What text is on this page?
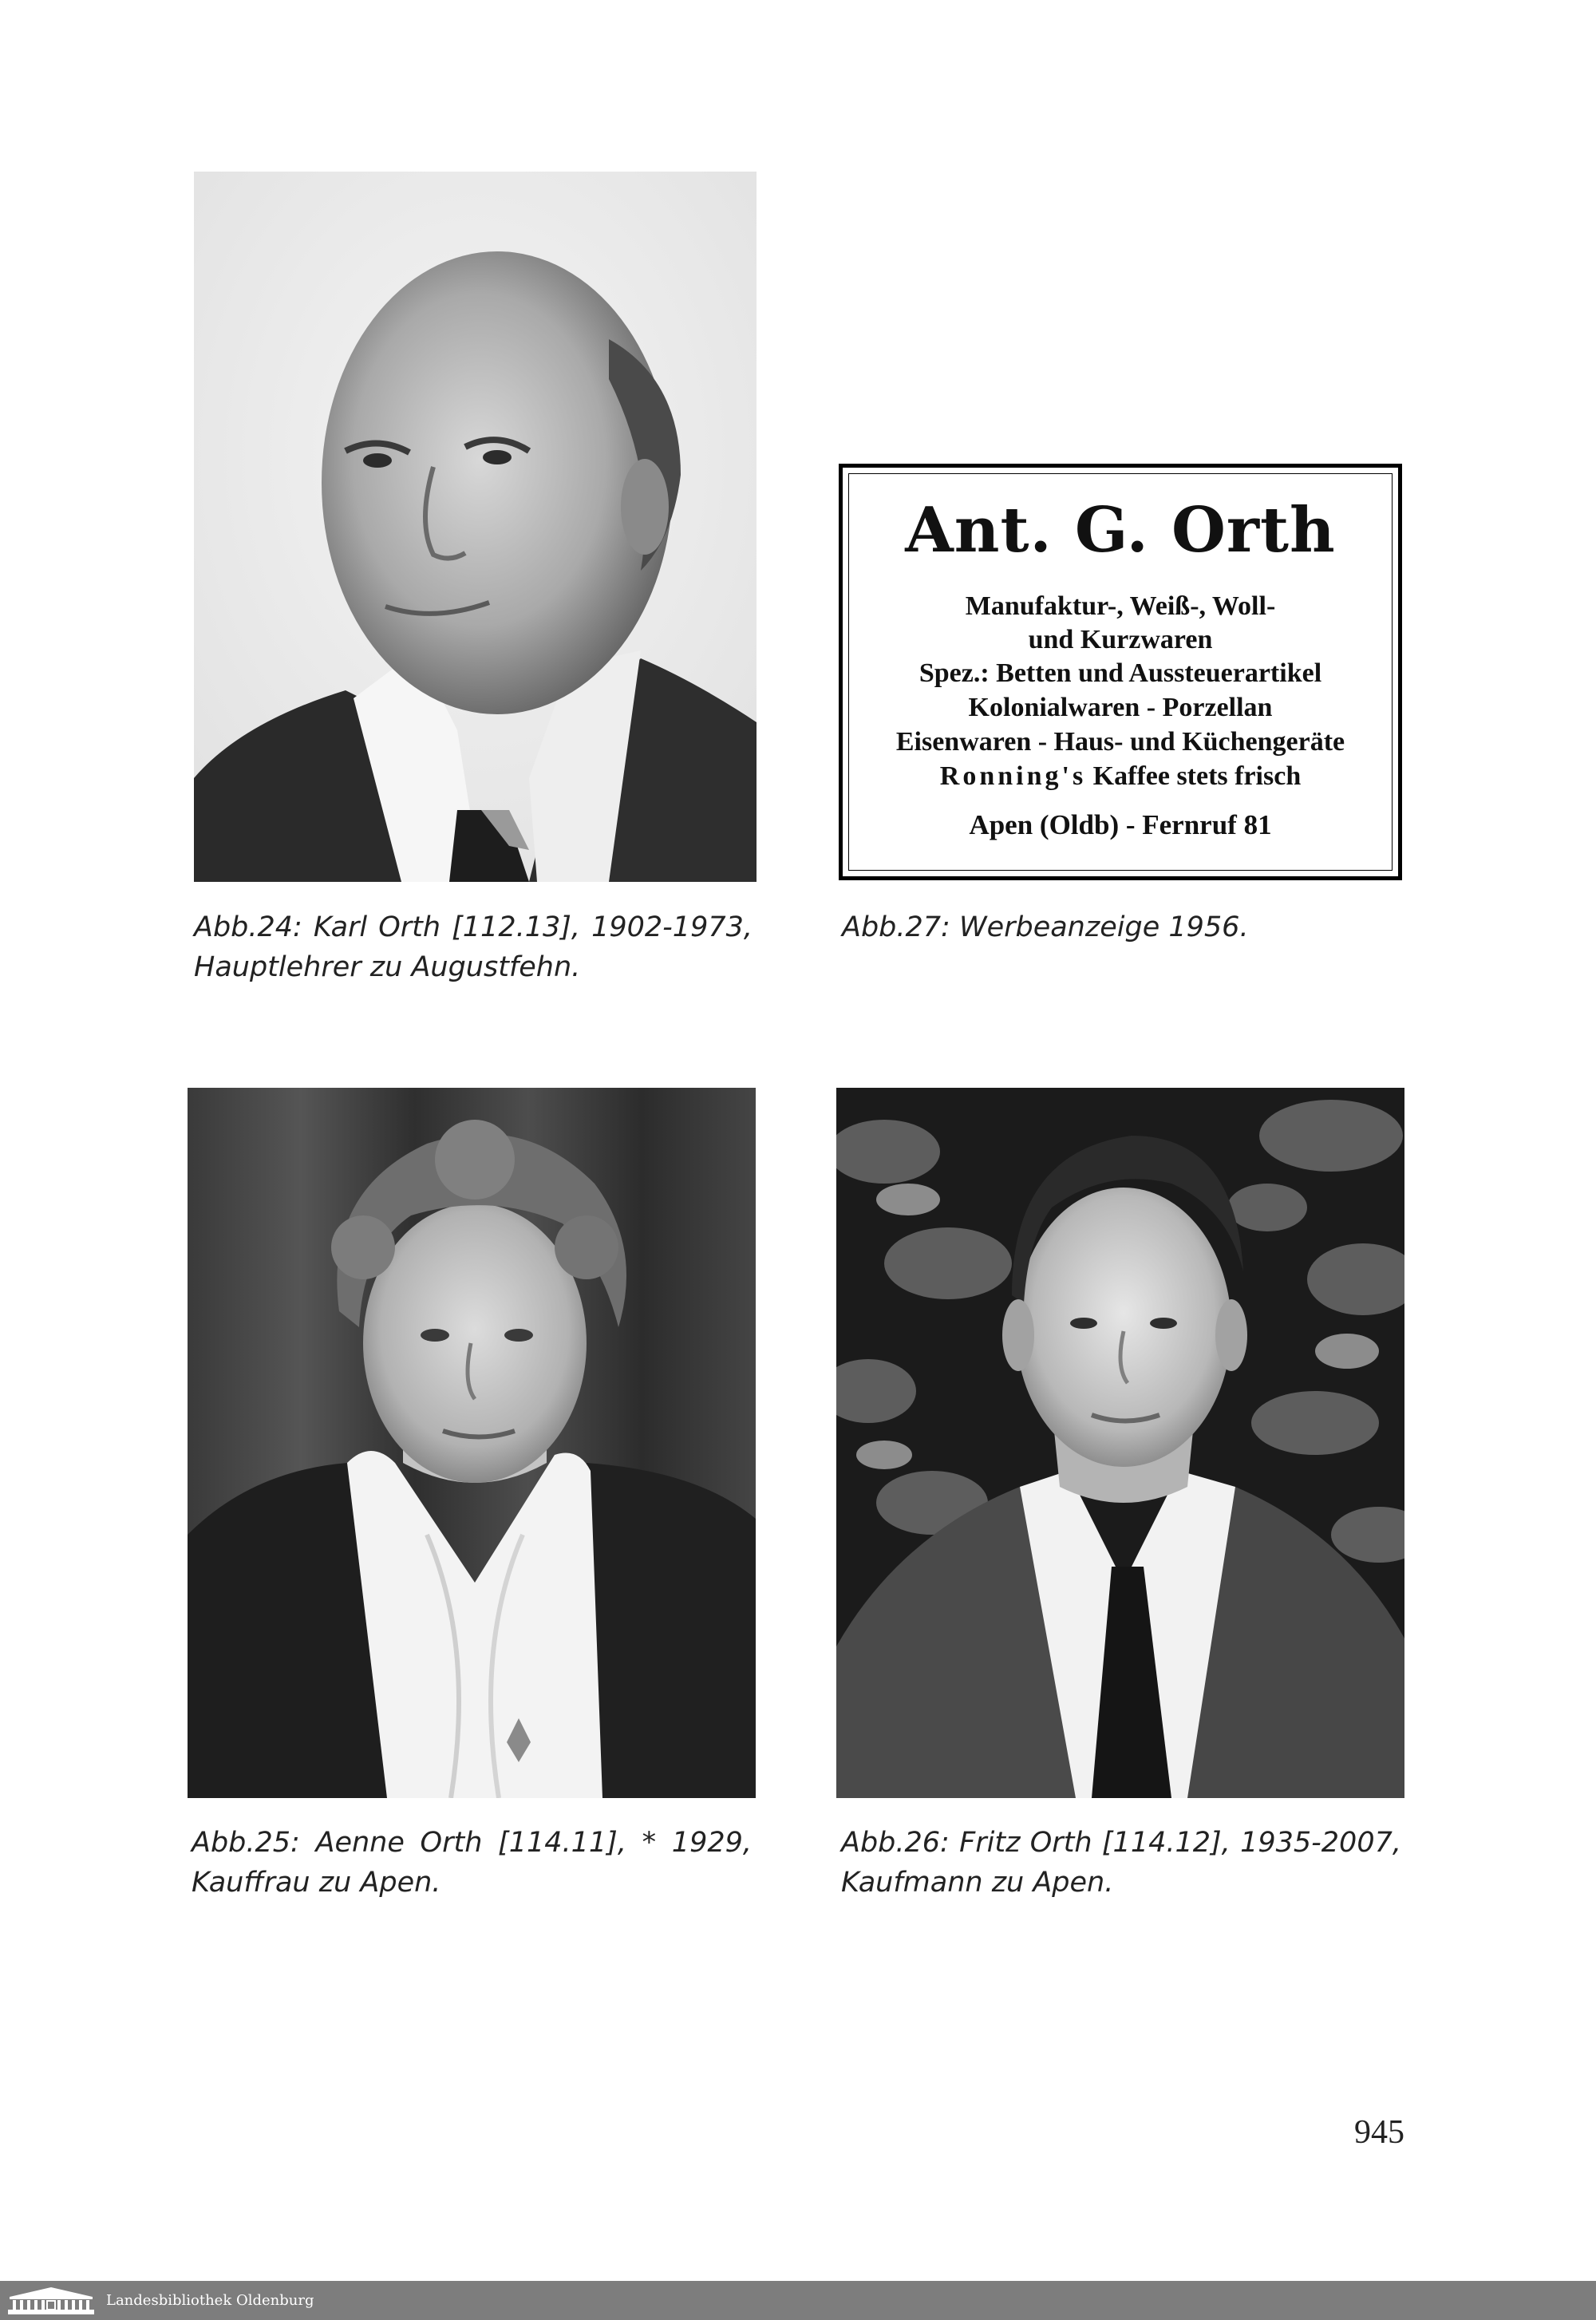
Ant. G. Orth
Manufaktur-, Weiß-, Woll-
und Kurzwaren
Spez.: Betten und Aussteuerartikel
Kolonialwaren - Porzellan
Eisenwaren - Haus- und Küchengeräte
Ronning's Kaffee stets frisch
Apen (Oldb) - Fernruf 81

Abb.24: Karl Orth [112.13], 1902-1973,
Hauptlehrer zu Augustfehn.

Abb.27: Werbeanzeige 1956.

Abb.25: Aenne Orth [114.11], * 1929,
Kauffrau zu Apen.

Abb.26: Fritz Orth [114.12], 1935-2007,
Kaufmann zu Apen.

945

Landesbibliothek Oldenburg
